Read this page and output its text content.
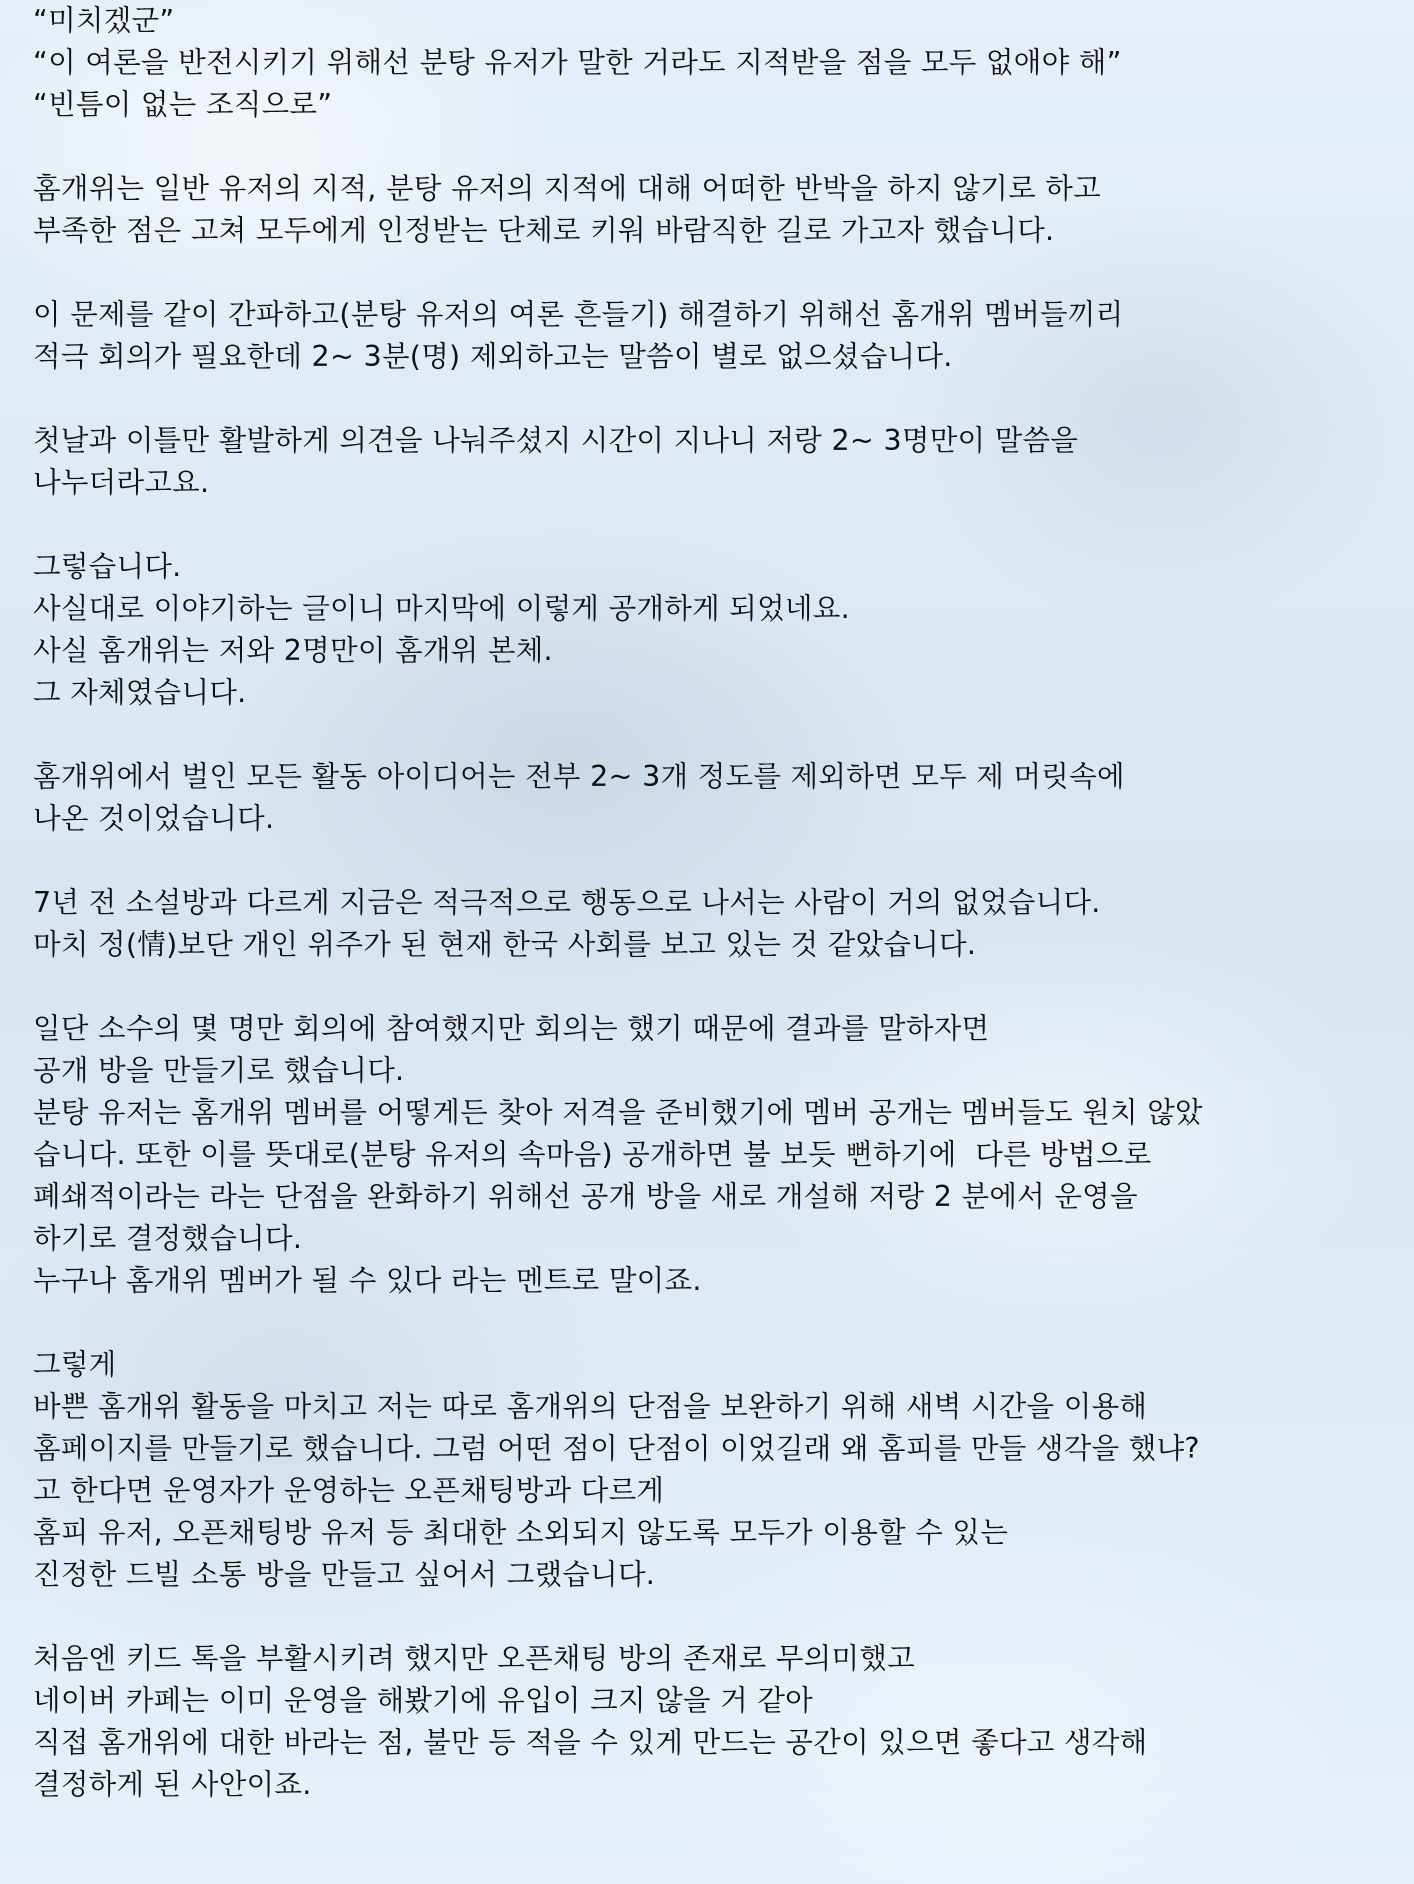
“미치겠군”
“이 여론을 반전시키기 위해선 분탕 유저가 말한 거라도 지적받을 점을 모두 없애야 해”
“빈틈이 없는 조직으로”
홈개위는 일반 유저의 지적, 분탕 유저의 지적에 대해 어떠한 반박을 하지 않기로 하고
부족한 점은 고쳐 모두에게 인정받는 단체로 키워 바람직한 길로 가고자 했습니다.
이 문제를 같이 간파하고(분탕 유저의 여론 흔들기) 해결하기 위해선 홈개위 멤버들끼리
적극 회의가 필요한데 2~ 3분(명) 제외하고는 말씀이 별로 없으셨습니다.
첫날과 이틀만 활발하게 의견을 나눠주셨지 시간이 지나니 저랑 2~ 3명만이 말씀을
나누더라고요.
그렇습니다.
사실대로 이야기하는 글이니 마지막에 이렇게 공개하게 되었네요.
사실 홈개위는 저와 2명만이 홈개위 본체.
그 자체였습니다.
홈개위에서 벌인 모든 활동 아이디어는 전부 2~ 3개 정도를 제외하면 모두 제 머릿속에
나온 것이었습니다.
7년 전 소설방과 다르게 지금은 적극적으로 행동으로 나서는 사람이 거의 없었습니다.
마치 정(情)보단 개인 위주가 된 현재 한국 사회를 보고 있는 것 같았습니다.
일단 소수의 몇 명만 회의에 참여했지만 회의는 했기 때문에 결과를 말하자면
공개 방을 만들기로 했습니다.
분탕 유저는 홈개위 멤버를 어떻게든 찾아 저격을 준비했기에 멤버 공개는 멤버들도 원치 않았
습니다. 또한 이를 뜻대로(분탕 유저의 속마음) 공개하면 불 보듯 뻔하기에  다른 방법으로
폐쇄적이라는 라는 단점을 완화하기 위해선 공개 방을 새로 개설해 저랑 2 분에서 운영을
하기로 결정했습니다.
누구나 홈개위 멤버가 될 수 있다 라는 멘트로 말이죠.
그렇게
바쁜 홈개위 활동을 마치고 저는 따로 홈개위의 단점을 보완하기 위해 새벽 시간을 이용해
홈페이지를 만들기로 했습니다. 그럼 어떤 점이 단점이 이었길래 왜 홈피를 만들 생각을 했냐?
고 한다면 운영자가 운영하는 오픈채팅방과 다르게
홈피 유저, 오픈채팅방 유저 등 최대한 소외되지 않도록 모두가 이용할 수 있는
진정한 드빌 소통 방을 만들고 싶어서 그랬습니다.
처음엔 키드 톡을 부활시키려 했지만 오픈채팅 방의 존재로 무의미했고
네이버 카페는 이미 운영을 해봤기에 유입이 크지 않을 거 같아
직접 홈개위에 대한 바라는 점, 불만 등 적을 수 있게 만드는 공간이 있으면 좋다고 생각해
결정하게 된 사안이죠.
